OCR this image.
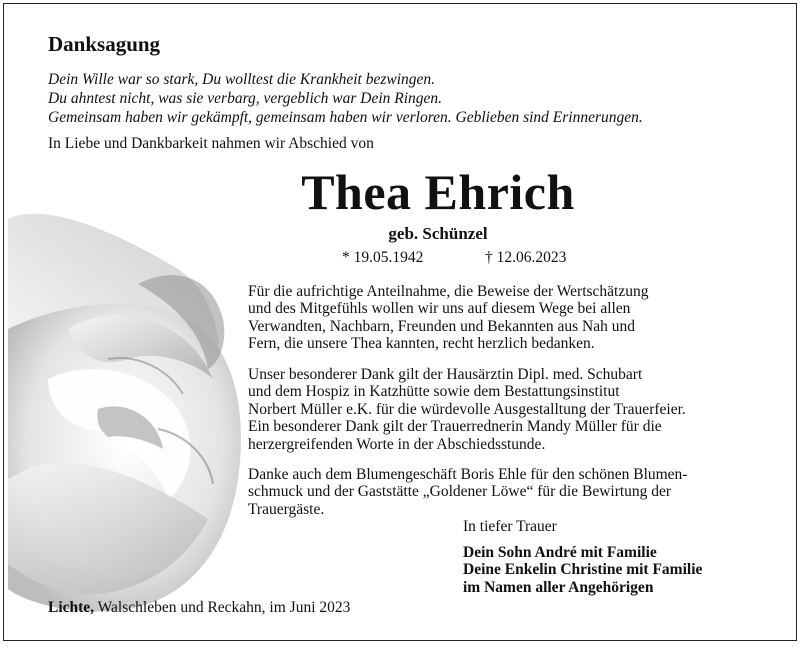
Danksagung
Dein Wille war so stark, Du wolltest die Krankheit bezwingen.
Du ahntest nicht, was sie verbarg, vergeblich war Dein Ringen.
Gemeinsam haben wir gekämpft, gemeinsam haben wir verloren. Geblieben sind Erinnerungen.
In Liebe und Dankbarkeit nahmen wir Abschied von
Thea Ehrich
geb. Schünzel
* 19.05.1942	† 12.06.2023
Für die aufrichtige Anteilnahme, die Beweise der Wertschätzung
und des Mitgefühls wollen wir uns auf diesem Wege bei allen
Verwandten, Nachbarn, Freunden und Bekannten aus Nah und
Fern, die unsere Thea kannten, recht herzlich bedanken.
Unser besonderer Dank gilt der Hausärztin Dipl. med. Schubart
und dem Hospiz in Katzhütte sowie dem Bestattungsinstitut
Norbert Müller e.K. für die würdevolle Ausgestalltung der Trauerfeier.
Ein besonderer Dank gilt der Trauerrednerin Mandy Müller für die
herzergreifenden Worte in der Abschiedsstunde.
Danke auch dem Blumengeschäft Boris Ehle für den schönen Blumen-
schmuck und der Gaststätte „Goldener Löwe“ für die Bewirtung der
Trauergäste.
In tiefer Trauer
Dein Sohn André mit Familie
Deine Enkelin Christine mit Familie
im Namen aller Angehörigen
Lichte, Walschleben und Reckahn, im Juni 2023
